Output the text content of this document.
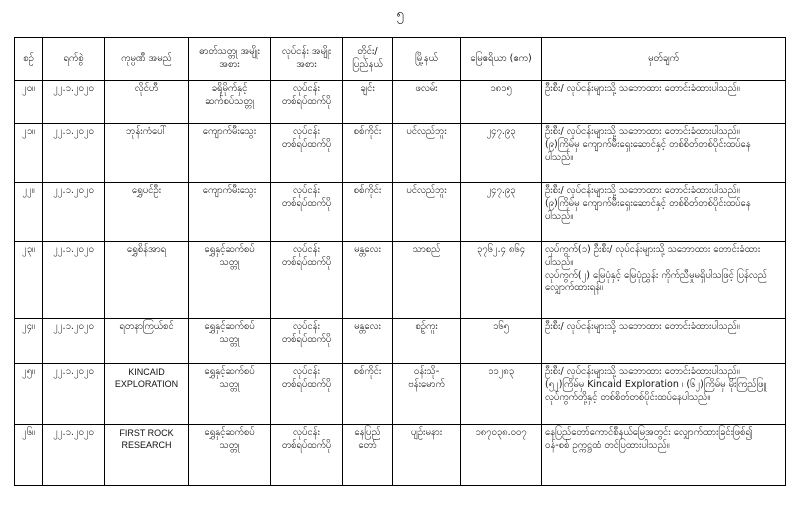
၅
စဉ်	ရက်စွဲ	ကုမ္ပဏီ အမည်	ဓာတ်သတ္တု အမျိုးအစား	လုပ်ငန်း အမျိုးအစား	တိုင်း/ ပြည်နယ်	မြို့နယ်	မြေဧရိယာ (ဧက)	မှတ်ချက်
၂၀။	၂၂.၁.၂၀၂၀	လိုင်ဟီ	ခရိုမိုက်နှင့်
ဆက်စပ်သတ္တု	လုပ်ငန်း
တစ်ရပ်ထက်ပို	ချင်း	ဖလမ်း	၁၈၁၅	ဦးစီး/ လုပ်ငန်းများသို့ သဘောထား တောင်းခံထားပါသည်။

၂၁။	၂၂.၁.၂၀၂၀	ဘုန်းကံပေါ်	ကျောက်မီးသွေး	လုပ်ငန်း
တစ်ရပ်ထက်ပို	စစ်ကိုင်း	ပင်လည်ဘူး	၂၄၇.၉၃	ဦးစီး/ လုပ်ငန်းများသို့ သဘောထား တောင်းခံထားပါသည်။
(၉)ကြိမ်မှ ကျောက်မီးရှေးဆောင်နှင့် တစ်စိတ်တစ်ပိုင်းထပ်နေ
ပါသည်။

၂၂။	၂၂.၁.၂၀၂၀	ရွှေပင်ဦး	ကျောက်မီးသွေး	လုပ်ငန်း
တစ်ရပ်ထက်ပို	စစ်ကိုင်း	ပင်လည်ဘူး	၂၄၇.၉၃	ဦးစီး/ လုပ်ငန်းများသို့ သဘောထား တောင်းခံထားပါသည်။
(၉)ကြိမ်မှ ကျောက်မီးရှေးဆောင်နှင့် တစ်စိတ်တစ်ပိုင်းထပ်နေ
ပါသည်။

၂၃။	၂၂.၁.၂၀၂၀	ရွှေစိန်အာရ	ရွှေနှင့်ဆက်စပ်
သတ္တု	လုပ်ငန်း
တစ်ရပ်ထက်ပို	မန္တလေး	သာစည်	၃၇၆၂.၄ ၈၆၄	လုပ်ကွက်(၁) ဦးစီး/ လုပ်ငန်းများသို့ သဘောထား တောင်းခံထား
ပါသည်။
လုပ်ကွက်(၂) မြေပုံနှင့် မြေပုံညွှန်း ကိုက်ညီမှုမရှိပါသဖြင့် ပြန်လည်
လျှောက်ထားရန်။

၂၄။	၂၂.၁.၂၀၂၀	ရတနာကြယ်စင်	ရွှေနှင့်ဆက်စပ်
သတ္တု	လုပ်ငန်း
တစ်ရပ်ထက်ပို	မန္တလေး	စဉ့်ကူး	၁၆၅	ဦးစီး/ လုပ်ငန်းများသို့ သဘောထား တောင်းခံထားပါသည်။

၂၅။	၂၂.၁.၂၀၂၀	KINCAID
EXPLORATION	ရွှေနှင့်ဆက်စပ်
သတ္တု	လုပ်ငန်း
တစ်ရပ်ထက်ပို	စစ်ကိုင်း	ဝန်းသို-
ဗန်းမောက်	၁၁၂၈၃	ဦးစီး/ လုပ်ငန်းများသို့ သဘောထား တောင်းခံထားပါသည်။
(၅၂)ကြိမ်မှ Kincaid Exploration ၊ (၆၂)ကြိမ်မှ မိုးကြည်ဖြူ
လုပ်ကွက်တို့နှင့် တစ်စိတ်တစ်ပိုင်းထပ်နေပါသည်။

၂၆။	၂၂.၁.၂၀၂၀	FIRST ROCK
RESEARCH	ရွှေနှင့်ဆက်စပ်
သတ္တု	လုပ်ငန်း
တစ်ရပ်ထက်ပို	နေပြည်
တော်	ပျဉ်းမနား	၁၈၇၀၃၈.၀၀၇	နေပြည်တော်ကောင်စီနယ်မြေအတွင်း လျှောက်ထားခြင်းဖြစ်၍
ဝန်-စစ် ဥက္ကဋ္ဌထံ တင်ပြထားပါသည်။
